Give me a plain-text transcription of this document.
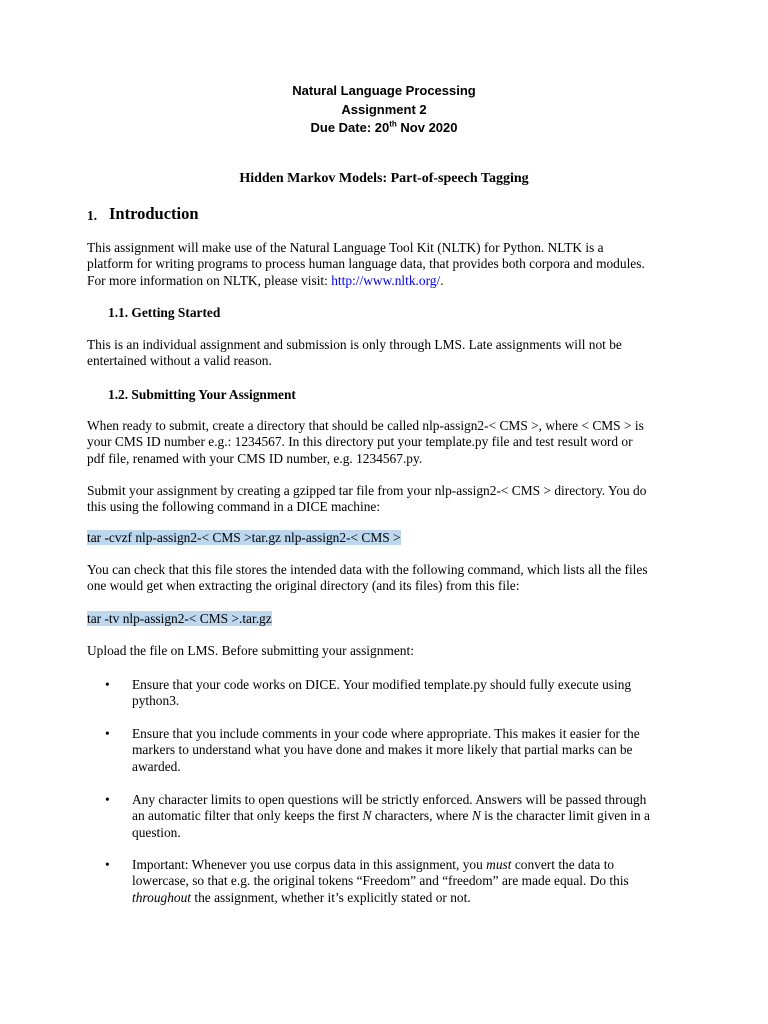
Natural Language Processing
Assignment 2
Due Date: 20th Nov 2020
Hidden Markov Models: Part-of-speech Tagging
1. Introduction
This assignment will make use of the Natural Language Tool Kit (NLTK) for Python. NLTK is a
platform for writing programs to process human language data, that provides both corpora and modules.
For more information on NLTK, please visit: http://www.nltk.org/.
1.1. Getting Started
This is an individual assignment and submission is only through LMS. Late assignments will not be
entertained without a valid reason.
1.2. Submitting Your Assignment
When ready to submit, create a directory that should be called nlp-assign2-< CMS >, where < CMS > is
your CMS ID number e.g.: 1234567. In this directory put your template.py file and test result word or
pdf file, renamed with your CMS ID number, e.g. 1234567.py.
Submit your assignment by creating a gzipped tar file from your nlp-assign2-< CMS > directory. You do
this using the following command in a DICE machine:
tar -cvzf nlp-assign2-< CMS >tar.gz nlp-assign2-< CMS >
You can check that this file stores the intended data with the following command, which lists all the files
one would get when extracting the original directory (and its files) from this file:
tar -tv nlp-assign2-< CMS >.tar.gz
Upload the file on LMS. Before submitting your assignment:
• Ensure that your code works on DICE. Your modified template.py should fully execute using
python3.
• Ensure that you include comments in your code where appropriate. This makes it easier for the
markers to understand what you have done and makes it more likely that partial marks can be
awarded.
• Any character limits to open questions will be strictly enforced. Answers will be passed through
an automatic filter that only keeps the first N characters, where N is the character limit given in a
question.
• Important: Whenever you use corpus data in this assignment, you must convert the data to
lowercase, so that e.g. the original tokens “Freedom” and “freedom” are made equal. Do this
throughout the assignment, whether it’s explicitly stated or not.
